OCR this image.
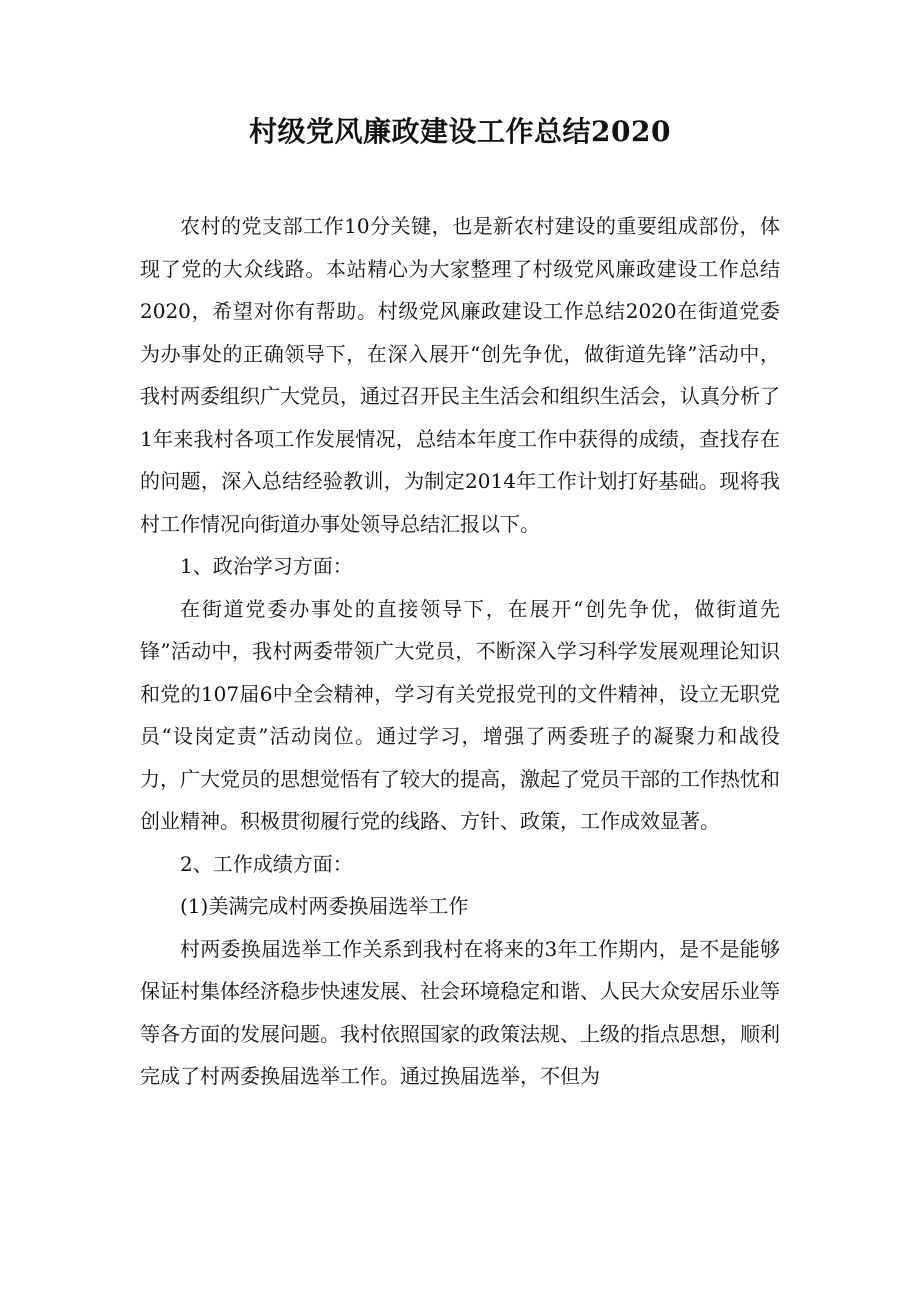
村级党风廉政建设工作总结2020

农村的党支部工作10分关键，也是新农村建设的重要组成部份，体现了党的大众线路。本站精心为大家整理了村级党风廉政建设工作总结2020，希望对你有帮助。村级党风廉政建设工作总结2020在街道党委为办事处的正确领导下，在深入展开“创先争优，做街道先锋”活动中，我村两委组织广大党员，通过召开民主生活会和组织生活会，认真分析了1年来我村各项工作发展情况，总结本年度工作中获得的成绩，查找存在的问题，深入总结经验教训，为制定2014年工作计划打好基础。现将我村工作情况向街道办事处领导总结汇报以下。

1、政治学习方面：

在街道党委办事处的直接领导下，在展开“创先争优，做街道先锋”活动中，我村两委带领广大党员，不断深入学习科学发展观理论知识和党的107届6中全会精神，学习有关党报党刊的文件精神，设立无职党员“设岗定责”活动岗位。通过学习，增强了两委班子的凝聚力和战役力，广大党员的思想觉悟有了较大的提高，激起了党员干部的工作热忱和创业精神。积极贯彻履行党的线路、方针、政策，工作成效显著。

2、工作成绩方面：

(1)美满完成村两委换届选举工作

村两委换届选举工作关系到我村在将来的3年工作期内，是不是能够保证村集体经济稳步快速发展、社会环境稳定和谐、人民大众安居乐业等等各方面的发展问题。我村依照国家的政策法规、上级的指点思想，顺利完成了村两委换届选举工作。通过换届选举，不但为
